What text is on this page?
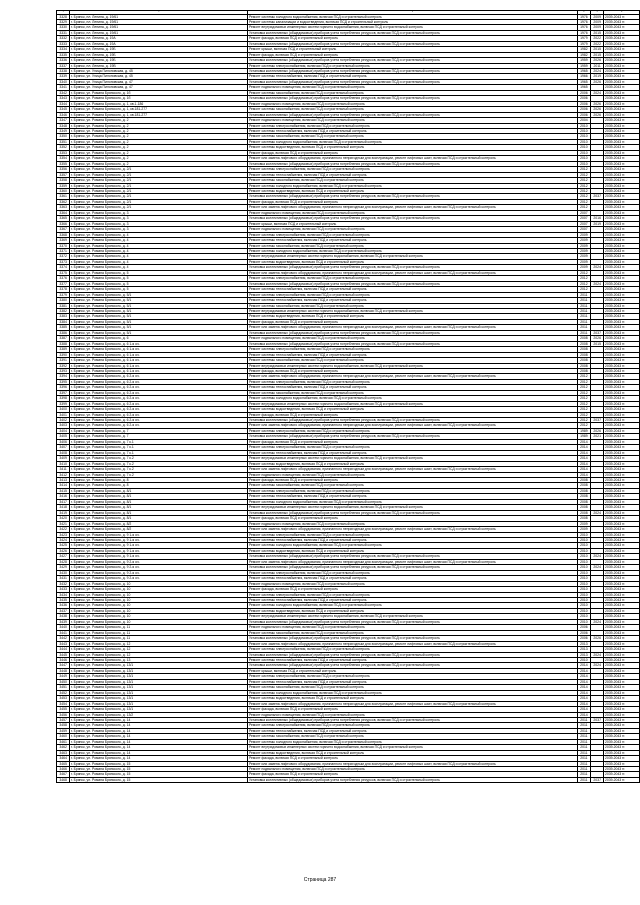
1	2	3	4	5	6
3328	г. Брянск, пл. Ленина, д. 19/61	Ремонт системы холодного водоснабжения, включая ПСД и строительный контроль	1976	2009	2039-2043 гг.
3329	г. Брянск, пл. Ленина, д. 19/61	Ремонт системы канализации и водоотведения, включая ПСД и строительный контроль	1976	2009	2039-2043 гг.
3330	г. Брянск, пл. Ленина, д. 19/61	Ремонт внутридомовых инженерных систем горячего водоснабжения, включая ПСД и строительный контроль	1976	2009	2039-2043 гг.
3331	г. Брянск, пл. Ленина, д. 19/61	Установка коллективных (общедомовых) приборов учета потребления ресурсов, включая ПСД и строительный контроль	1976	2015	2039-2043 гг.
3332	г. Брянск, пл. Ленина, д. 19А	Ремонт фасада, включая ПСД и строительный контроль	1979	2022	2039-2043 гг.
3333	г. Брянск, пл. Ленина, д. 19А	Установка коллективных (общедомовых) приборов учета потребления ресурсов, включая ПСД и строительный контроль	1979	2022	2039-2043 гг.
3334	г. Брянск, пл. Ленина, д. 19Б	Ремонт крыши, включая ПСД и строительный контроль	1982	2015	2039-2043 гг.
3335	г. Брянск, пл. Ленина, д. 19Б	Ремонт фасада, включая ПСД и строительный контроль	1982	2015	2039-2043 гг.
3336	г. Брянск, пл. Ленина, д. 19Б	Установка коллективных (общедомовых) приборов учета потребления ресурсов, включая ПСД и строительный контроль	1959	2026	2039-2043 гг.
3337	г. Брянск, пл. Ленина, д. 19В	Ремонт системы электроснабжения, включая ПСД и строительный контроль	1959	2011	2039-2043 гг.
3338	г. Брянск, ул. Улица Пилоновская, д. 45	Установка коллективных (общедомовых) приборов учета потребления ресурсов, включая ПСД и строительный контроль	1965	2024	2039-2043 гг.
3339	г. Брянск, ул. Улица Пилоновская, д. 45	Ремонт системы теплоснабжения, включая ПСД и строительный контроль	1966	2019	2039-2043 гг.
3340	г. Брянск, ул. Улица Пилоновская, д. 47	Установка коллективных (общедомовых) приборов учета потребления ресурсов, включая ПСД и строительный контроль	1965	2026	2039-2043 гг.
3341	г. Брянск, ул. Улица Пилоновская, д. 47	Ремонт подвального помещения, включая ПСД и строительный контроль	1965		2039-2043 гг.
3342	г. Брянск, ул. Романа Брянского, д. 1б	Ремонт системы газоснабжения, включая ПСД и строительный контроль	2006	2024	2039-2043 гг.
3343	г. Брянск, ул. Романа Брянского, д. 1б	Установка коллективных (общедомовых) приборов учета потребления ресурсов, включая ПСД и строительный контроль	2006		2039-2043 гг.
3344	г. Брянск, ул. Романа Брянского, д. 1, кв.1-186	Ремонт подвального помещения, включая ПСД и строительный контроль	2006	2026	2039-2043 гг.
3345	г. Брянск, ул. Романа Брянского, д. 1, кв.181-277	Ремонт системы газоснабжения, включая ПСД и строительный контроль	2006	2026	2039-2043 гг.
3346	г. Брянск, ул. Романа Брянского, д. 1, кв.181-277	Установка коллективных (общедомовых) приборов учета потребления ресурсов, включая ПСД и строительный контроль	2006	2026	2039-2043 гг.
3347	г. Брянск, ул. Романа Брянского, д. 2	Ремонт подвального помещения, включая ПСД и строительный контроль	2004		2039-2043 гг.
3348	г. Брянск, ул. Романа Брянского, д. 2	Ремонт системы электроснабжения, включая ПСД и строительный контроль	2010		2039-2043 гг.
3349	г. Брянск, ул. Романа Брянского, д. 2	Ремонт системы теплоснабжения, включая ПСД и строительный контроль	2010		2039-2043 гг.
3350	г. Брянск, ул. Романа Брянского, д. 2	Ремонт системы газоснабжения, включая ПСД и строительный контроль	2010		2039-2043 гг.
3351	г. Брянск, ул. Романа Брянского, д. 2	Ремонт системы холодного водоснабжения, включая ПСД и строительный контроль	2010		2039-2043 гг.
3352	г. Брянск, ул. Романа Брянского, д. 2	Ремонт системы водоотведения, включая ПСД и строительный контроль	2010		2039-2043 гг.
3353	г. Брянск, ул. Романа Брянского, д. 2	Ремонт фасада, включая ПСД и строительный контроль	2010		2039-2043 гг.
3354	г. Брянск, ул. Романа Брянского, д. 2	Ремонт или замена лифтового оборудования, признанного непригодным для эксплуатации, ремонт лифтовых шахт, включая ПСД и строительный контроль	2010		2039-2043 гг.
3355	г. Брянск, ул. Романа Брянского, д. 2	Установка коллективных (общедомовых) приборов учета потребления ресурсов, включая ПСД и строительный контроль	2010		2039-2043 гг.
3356	г. Брянск, ул. Романа Брянского, д. 2/1	Ремонт системы электроснабжения, включая ПСД и строительный контроль	2012		2039-2043 гг.
3357	г. Брянск, ул. Романа Брянского, д. 2/1	Ремонт системы теплоснабжения, включая ПСД и строительный контроль	2012		2039-2043 гг.
3358	г. Брянск, ул. Романа Брянского, д. 2/1	Ремонт системы газоснабжения, включая ПСД и строительный контроль	2012		2039-2043 гг.
3359	г. Брянск, ул. Романа Брянского, д. 2/1	Ремонт системы холодного водоснабжения, включая ПСД и строительный контроль	2012		2039-2043 гг.
3360	г. Брянск, ул. Романа Брянского, д. 2/1	Ремонт системы водоотведения, включая ПСД и строительный контроль	2012		2039-2043 гг.
3361	г. Брянск, ул. Романа Брянского, д. 2/1	Установка коллективных (общедомовых) приборов учета потребления ресурсов, включая ПСД и строительный контроль	2012	2037	2039-2043 гг.
3362	г. Брянск, ул. Романа Брянского, д. 2/1	Ремонт фасада, включая ПСД и строительный контроль	2012		2039-2043 гг.
3363	г. Брянск, ул. Романа Брянского, д. 2/1	Ремонт или замена лифтового оборудования, признанного непригодным для эксплуатации, ремонт лифтовых шахт, включая ПСД и строительный контроль	2012		2039-2043 гг.
3364	г. Брянск, ул. Романа Брянского, д. 3	Ремонт подвального помещения, включая ПСД и строительный контроль	2007		2039-2043 гг.
3365	г. Брянск, ул. Романа Брянского, д. 3	Установка коллективных (общедомовых) приборов учета потребления ресурсов, включая ПСД и строительный контроль	2007	2016	2039-2043 гг.
3366	г. Брянск, ул. Романа Брянского, д. 3	Ремонт крыши, включая ПСД и строительный контроль	2007	2019	2039-2043 гг.
3367	г. Брянск, ул. Романа Брянского, д. 3	Ремонт подвального помещения, включая ПСД и строительный контроль	2007		2039-2043 гг.
3368	г. Брянск, ул. Романа Брянского, д. 4	Ремонт системы электроснабжения, включая ПСД и строительный контроль	2009		2039-2043 гг.
3369	г. Брянск, ул. Романа Брянского, д. 4	Ремонт системы теплоснабжения, включая ПСД и строительный контроль	2009		2039-2043 гг.
3370	г. Брянск, ул. Романа Брянского, д. 4	Ремонт системы газоснабжения, включая ПСД и строительный контроль	2009		2039-2043 гг.
3371	г. Брянск, ул. Романа Брянского, д. 4	Ремонт системы холодного водоснабжения, включая ПСД и строительный контроль	2009		2039-2043 гг.
3372	г. Брянск, ул. Романа Брянского, д. 4	Ремонт внутридомовых инженерных систем горячего водоснабжения, включая ПСД и строительный контроль	2009		2039-2043 гг.
3373	г. Брянск, ул. Романа Брянского, д. 4	Ремонт системы водоотведения, включая ПСД и строительный контроль	2009		2039-2043 гг.
3374	г. Брянск, ул. Романа Брянского, д. 4	Установка коллективных (общедомовых) приборов учета потребления ресурсов, включая ПСД и строительный контроль	2009	2024	2039-2043 гг.
3375	г. Брянск, ул. Романа Брянского, д. 5	Ремонт или замена лифтового оборудования, признанного непригодным для эксплуатации, ремонт лифтовых шахт, включая ПСД и строительный контроль	2012		2039-2043 гг.
3376	г. Брянск, ул. Романа Брянского, д. 5	Ремонт системы электроснабжения, включая ПСД и строительный контроль	2012		2039-2043 гг.
3377	г. Брянск, ул. Романа Брянского, д. 5	Установка коллективных (общедомовых) приборов учета потребления ресурсов, включая ПСД и строительный контроль	2012	2024	2039-2043 гг.
3378	г. Брянск, ул. Романа Брянского, д. 5	Ремонт системы теплоснабжения, включая ПСД и строительный контроль	2012		2039-2043 гг.
3379	г. Брянск, ул. Романа Брянского, д. 5/1	Ремонт системы электроснабжения, включая ПСД и строительный контроль	2011		2039-2043 гг.
3380	г. Брянск, ул. Романа Брянского, д. 5/1	Ремонт системы теплоснабжения, включая ПСД и строительный контроль	2011		2039-2043 гг.
3381	г. Брянск, ул. Романа Брянского, д. 5/1	Ремонт системы газоснабжения, включая ПСД и строительный контроль	2011		2039-2043 гг.
3382	г. Брянск, ул. Романа Брянского, д. 5/1	Ремонт внутридомовых инженерных систем горячего водоснабжения, включая ПСД и строительный контроль	2011		2039-2043 гг.
3383	г. Брянск, ул. Романа Брянского, д. 5/1	Ремонт системы водоотведения, включая ПСД и строительный контроль	2011		2039-2043 гг.
3384	г. Брянск, ул. Романа Брянского, д. 5/1	Ремонт фасада, включая ПСД и строительный контроль	2011		2039-2043 гг.
3385	г. Брянск, ул. Романа Брянского, д. 5/1	Ремонт или замена лифтового оборудования, признанного непригодным для эксплуатации, ремонт лифтовых шахт, включая ПСД и строительный контроль	2011		2039-2043 гг.
3386	г. Брянск, ул. Романа Брянского, д. 5/1	Установка коллективных (общедомовых) приборов учета потребления ресурсов, включая ПСД и строительный контроль	2011	2037	2039-2043 гг.
3387	г. Брянск, ул. Романа Брянского, д. 6	Ремонт подвального помещения, включая ПСД и строительный контроль	2008	2026	2039-2043 гг.
3388	г. Брянск, ул. Романа Брянского, д. 6 1-я оч.	Установка коллективных (общедомовых) приборов учета потребления ресурсов, включая ПСД и строительный контроль	2008	2015	2039-2043 гг.
3389	г. Брянск, ул. Романа Брянского, д. 6 1-я оч.	Ремонт системы электроснабжения, включая ПСД и строительный контроль	2008		2039-2043 гг.
3390	г. Брянск, ул. Романа Брянского, д. 6 1-я оч.	Ремонт системы теплоснабжения, включая ПСД и строительный контроль	2008		2039-2043 гг.
3391	г. Брянск, ул. Романа Брянского, д. 6 1-я оч.	Ремонт системы газоснабжения, включая ПСД и строительный контроль	2008		2039-2043 гг.
3392	г. Брянск, ул. Романа Брянского, д. 6 1-я оч.	Ремонт внутридомовых инженерных систем горячего водоснабжения, включая ПСД и строительный контроль	2008		2039-2043 гг.
3393	г. Брянск, ул. Романа Брянского, д. 6 1-я оч.	Ремонт фасада, включая ПСД и строительный контроль	2008		2039-2043 гг.
3394	г. Брянск, ул. Романа Брянского, д. 6 2-я оч.	Ремонт или замена лифтового оборудования, признанного непригодным для эксплуатации, ремонт лифтовых шахт, включая ПСД и строительный контроль	2012		2039-2043 гг.
3395	г. Брянск, ул. Романа Брянского, д. 6 2-я оч.	Ремонт системы электроснабжения, включая ПСД и строительный контроль	2012		2039-2043 гг.
3396	г. Брянск, ул. Романа Брянского, д. 6 2-я оч.	Ремонт системы теплоснабжения, включая ПСД и строительный контроль	2012		2039-2043 гг.
3397	г. Брянск, ул. Романа Брянского, д. 6 2-я оч.	Ремонт системы газоснабжения, включая ПСД и строительный контроль	2012		2039-2043 гг.
3398	г. Брянск, ул. Романа Брянского, д. 6 2-я оч.	Ремонт системы холодного водоснабжения, включая ПСД и строительный контроль	2012		2039-2043 гг.
3399	г. Брянск, ул. Романа Брянского, д. 6 2-я оч.	Ремонт внутридомовых инженерных систем горячего водоснабжения, включая ПСД и строительный контроль	2012		2039-2043 гг.
3400	г. Брянск, ул. Романа Брянского, д. 6 2-я оч.	Ремонт системы водоотведения, включая ПСД и строительный контроль	2012		2039-2043 гг.
3401	г. Брянск, ул. Романа Брянского, д. 6 2-я оч.	Ремонт фасада, включая ПСД и строительный контроль	2012		2039-2043 гг.
3402	г. Брянск, ул. Романа Брянского, д. 6 2-я оч.	Установка коллективных (общедомовых) приборов учета потребления ресурсов, включая ПСД и строительный контроль	2012	2037	2039-2043 гг.
3403	г. Брянск, ул. Романа Брянского, д. 6 2-я оч.	Ремонт или замена лифтового оборудования, признанного непригодным для эксплуатации, ремонт лифтовых шахт, включая ПСД и строительный контроль	2012		2039-2043 гг.
3404	г. Брянск, ул. Романа Брянского, д. 7	Ремонт системы электроснабжения, включая ПСД и строительный контроль	1989	2026	2039-2043 гг.
3405	г. Брянск, ул. Романа Брянского, д. 7	Установка коллективных (общедомовых) приборов учета потребления ресурсов, включая ПСД и строительный контроль	1989	2021	2039-2043 гг.
3406	г. Брянск, ул. Романа Брянского, д. 7 к.1	Ремонт фасада, включая ПСД и строительный контроль	2014		2039-2043 гг.
3407	г. Брянск, ул. Романа Брянского, д. 7 к.1	Ремонт системы электроснабжения, включая ПСД и строительный контроль	2014		2039-2043 гг.
3408	г. Брянск, ул. Романа Брянского, д. 7 к.1	Ремонт системы теплоснабжения, включая ПСД и строительный контроль	2014		2039-2043 гг.
3409	г. Брянск, ул. Романа Брянского, д. 7 к.2	Ремонт внутридомовых инженерных систем горячего водоснабжения, включая ПСД и строительный контроль	2014		2039-2043 гг.
3410	г. Брянск, ул. Романа Брянского, д. 7 к.2	Ремонт системы водоотведения, включая ПСД и строительный контроль	2014		2039-2043 гг.
3411	г. Брянск, ул. Романа Брянского, д. 7 к.2	Ремонт или замена лифтового оборудования, признанного непригодным для эксплуатации, ремонт лифтовых шахт, включая ПСД и строительный контроль	2014		2039-2043 гг.
3412	г. Брянск, ул. Романа Брянского, д. 7 к.2	Ремонт подвального помещения, включая ПСД и строительный контроль	2014		2039-2043 гг.
3413	г. Брянск, ул. Романа Брянского, д. 8	Ремонт фасада, включая ПСД и строительный контроль	2008		2039-2043 гг.
3414	г. Брянск, ул. Романа Брянского, д. 8	Ремонт системы газоснабжения, включая ПСД и строительный контроль	2008		2039-2043 гг.
3415	г. Брянск, ул. Романа Брянского, д. 8/1	Ремонт системы электроснабжения, включая ПСД и строительный контроль	2008		2039-2043 гг.
3416	г. Брянск, ул. Романа Брянского, д. 8/1	Ремонт системы теплоснабжения, включая ПСД и строительный контроль	2008		2039-2043 гг.
3417	г. Брянск, ул. Романа Брянского, д. 8/1	Ремонт системы холодного водоснабжения, включая ПСД и строительный контроль	2008		2039-2043 гг.
3418	г. Брянск, ул. Романа Брянского, д. 8/1	Ремонт внутридомовых инженерных систем горячего водоснабжения, включая ПСД и строительный контроль	2008		2039-2043 гг.
3419	г. Брянск, ул. Романа Брянского, д. 8/1	Установка коллективных (общедомовых) приборов учета потребления ресурсов, включая ПСД и строительный контроль	2008	2024	2039-2043 гг.
3420	г. Брянск, ул. Романа Брянского, д. 8/1	Ремонт фасада, включая ПСД и строительный контроль	2008		2039-2043 гг.
3421	г. Брянск, ул. Романа Брянского, д. 8/2	Ремонт подвального помещения, включая ПСД и строительный контроль	2009		2039-2043 гг.
3422	г. Брянск, ул. Романа Брянского, д. 8/2	Ремонт или замена лифтового оборудования, признанного непригодным для эксплуатации, ремонт лифтовых шахт, включая ПСД и строительный контроль	2009		2039-2043 гг.
3423	г. Брянск, ул. Романа Брянского, д. 9 1-я оч.	Ремонт системы электроснабжения, включая ПСД и строительный контроль	2010		2039-2043 гг.
3424	г. Брянск, ул. Романа Брянского, д. 9 1-я оч.	Ремонт системы теплоснабжения, включая ПСД и строительный контроль	2010		2039-2043 гг.
3425	г. Брянск, ул. Романа Брянского, д. 9 1-я оч.	Ремонт системы холодного водоснабжения, включая ПСД и строительный контроль	2010		2039-2043 гг.
3426	г. Брянск, ул. Романа Брянского, д. 9 1-я оч.	Ремонт системы водоотведения, включая ПСД и строительный контроль	2010		2039-2043 гг.
3427	г. Брянск, ул. Романа Брянского, д. 9 1-я оч.	Установка коллективных (общедомовых) приборов учета потребления ресурсов, включая ПСД и строительный контроль	2010	2024	2039-2043 гг.
3428	г. Брянск, ул. Романа Брянского, д. 9 2-я оч.	Ремонт или замена лифтового оборудования, признанного непригодным для эксплуатации, ремонт лифтовых шахт, включая ПСД и строительный контроль	2010		2039-2043 гг.
3429	г. Брянск, ул. Романа Брянского, д. 9 2-я оч.	Установка коллективных (общедомовых) приборов учета потребления ресурсов, включая ПСД и строительный контроль	2010	2024	2039-2043 гг.
3430	г. Брянск, ул. Романа Брянского, д. 9 2-я оч.	Ремонт системы электроснабжения, включая ПСД и строительный контроль	2010		2039-2043 гг.
3431	г. Брянск, ул. Романа Брянского, д. 9 2-я оч.	Ремонт системы теплоснабжения, включая ПСД и строительный контроль	2010		2039-2043 гг.
3432	г. Брянск, ул. Романа Брянского, д. 10	Ремонт подвального помещения, включая ПСД и строительный контроль	2010		2039-2043 гг.
3433	г. Брянск, ул. Романа Брянского, д. 10	Ремонт фасада, включая ПСД и строительный контроль	2010		2039-2043 гг.
3434	г. Брянск, ул. Романа Брянского, д. 10	Ремонт системы электроснабжения, включая ПСД и строительный контроль	2010		2039-2043 гг.
3435	г. Брянск, ул. Романа Брянского, д. 10	Ремонт системы теплоснабжения, включая ПСД и строительный контроль	2010		2039-2043 гг.
3436	г. Брянск, ул. Романа Брянского, д. 10	Ремонт системы холодного водоснабжения, включая ПСД и строительный контроль	2010		2039-2043 гг.
3437	г. Брянск, ул. Романа Брянского, д. 10	Ремонт системы водоотведения, включая ПСД и строительный контроль	2010		2039-2043 гг.
3438	г. Брянск, ул. Романа Брянского, д. 10	Ремонт внутридомовых инженерных систем горячего водоснабжения, включая ПСД и строительный контроль	2010		2039-2043 гг.
3439	г. Брянск, ул. Романа Брянского, д. 10	Установка коллективных (общедомовых) приборов учета потребления ресурсов, включая ПСД и строительный контроль	2010	2024	2039-2043 гг.
3440	г. Брянск, ул. Романа Брянского, д. 11	Ремонт подвального помещения, включая ПСД и строительный контроль	2006		2039-2043 гг.
3441	г. Брянск, ул. Романа Брянского, д. 11	Ремонт системы газоснабжения, включая ПСД и строительный контроль	2006		2039-2043 гг.
3442	г. Брянск, ул. Романа Брянского, д. 11	Установка коллективных (общедомовых) приборов учета потребления ресурсов, включая ПСД и строительный контроль	2006	2026	2039-2043 гг.
3443	г. Брянск, ул. Романа Брянского, д. 12	Ремонт или замена лифтового оборудования, признанного непригодным для эксплуатации, ремонт лифтовых шахт, включая ПСД и строительный контроль	2013		2039-2043 гг.
3444	г. Брянск, ул. Романа Брянского, д. 12	Ремонт системы электроснабжения, включая ПСД и строительный контроль	2013		2039-2043 гг.
3445	г. Брянск, ул. Романа Брянского, д. 12	Установка коллективных (общедомовых) приборов учета потребления ресурсов, включая ПСД и строительный контроль	2013	2024	2039-2043 гг.
3446	г. Брянск, ул. Романа Брянского, д. 13	Ремонт системы теплоснабжения, включая ПСД и строительный контроль	2010		2039-2043 гг.
3447	г. Брянск, ул. Романа Брянского, д. 13/1	Установка коллективных (общедомовых) приборов учета потребления ресурсов, включая ПСД и строительный контроль	2014	2024	2039-2043 гг.
3448	г. Брянск, ул. Романа Брянского, д. 13/1	Ремонт крыши, включая ПСД и строительный контроль	2014		2039-2043 гг.
3449	г. Брянск, ул. Романа Брянского, д. 13/1	Ремонт системы электроснабжения, включая ПСД и строительный контроль	2014		2039-2043 гг.
3450	г. Брянск, ул. Романа Брянского, д. 13/1	Ремонт системы теплоснабжения, включая ПСД и строительный контроль	2014		2039-2043 гг.
3451	г. Брянск, ул. Романа Брянского, д. 13/1	Ремонт системы газоснабжения, включая ПСД и строительный контроль	2014		2039-2043 гг.
3452	г. Брянск, ул. Романа Брянского, д. 13/1	Ремонт системы холодного водоснабжения, включая ПСД и строительный контроль	2014		2039-2043 гг.
3453	г. Брянск, ул. Романа Брянского, д. 13/1	Ремонт системы водоотведения, включая ПСД и строительный контроль	2014		2039-2043 гг.
3454	г. Брянск, ул. Романа Брянского, д. 13/1	Ремонт или замена лифтового оборудования, признанного непригодным для эксплуатации, ремонт лифтовых шахт, включая ПСД и строительный контроль	2014		2039-2043 гг.
3455	г. Брянск, ул. Романа Брянского, д. 13/1	Ремонт фасада, включая ПСД и строительный контроль	2014		2039-2043 гг.
3456	г. Брянск, ул. Романа Брянского, д. 13/2	Ремонт подвального помещения, включая ПСД и строительный контроль	2014		2039-2043 гг.
3457	г. Брянск, ул. Романа Брянского, д. 14	Установка коллективных (общедомовых) приборов учета потребления ресурсов, включая ПСД и строительный контроль	2011	2037	2039-2043 гг.
3458	г. Брянск, ул. Романа Брянского, д. 14	Ремонт системы электроснабжения, включая ПСД и строительный контроль	2011		2039-2043 гг.
3459	г. Брянск, ул. Романа Брянского, д. 14	Ремонт системы теплоснабжения, включая ПСД и строительный контроль	2011		2039-2043 гг.
3460	г. Брянск, ул. Романа Брянского, д. 14	Ремонт системы газоснабжения, включая ПСД и строительный контроль	2011		2039-2043 гг.
3461	г. Брянск, ул. Романа Брянского, д. 14	Ремонт системы холодного водоснабжения, включая ПСД и строительный контроль	2011		2039-2043 гг.
3462	г. Брянск, ул. Романа Брянского, д. 14	Ремонт внутридомовых инженерных систем горячего водоснабжения, включая ПСД и строительный контроль	2011		2039-2043 гг.
3463	г. Брянск, ул. Романа Брянского, д. 14	Ремонт системы водоотведения, включая ПСД и строительный контроль	2011		2039-2043 гг.
3464	г. Брянск, ул. Романа Брянского, д. 14	Ремонт фасада, включая ПСД и строительный контроль	2011		2039-2043 гг.
3465	г. Брянск, ул. Романа Брянского, д. 15	Ремонт или замена лифтового оборудования, признанного непригодным для эксплуатации, ремонт лифтовых шахт, включая ПСД и строительный контроль	2011		2039-2043 гг.
3466	г. Брянск, ул. Романа Брянского, д. 15	Ремонт подвального помещения, включая ПСД и строительный контроль	2011		2039-2043 гг.
3467	г. Брянск, ул. Романа Брянского, д. 15	Ремонт фасада, включая ПСД и строительный контроль	2011		2039-2043 гг.
3468	г. Брянск, ул. Романа Брянского, д. 15	Установка коллективных (общедомовых) приборов учета потребления ресурсов, включая ПСД и строительный контроль	2011	2037	2039-2043 гг.
Страница 287
